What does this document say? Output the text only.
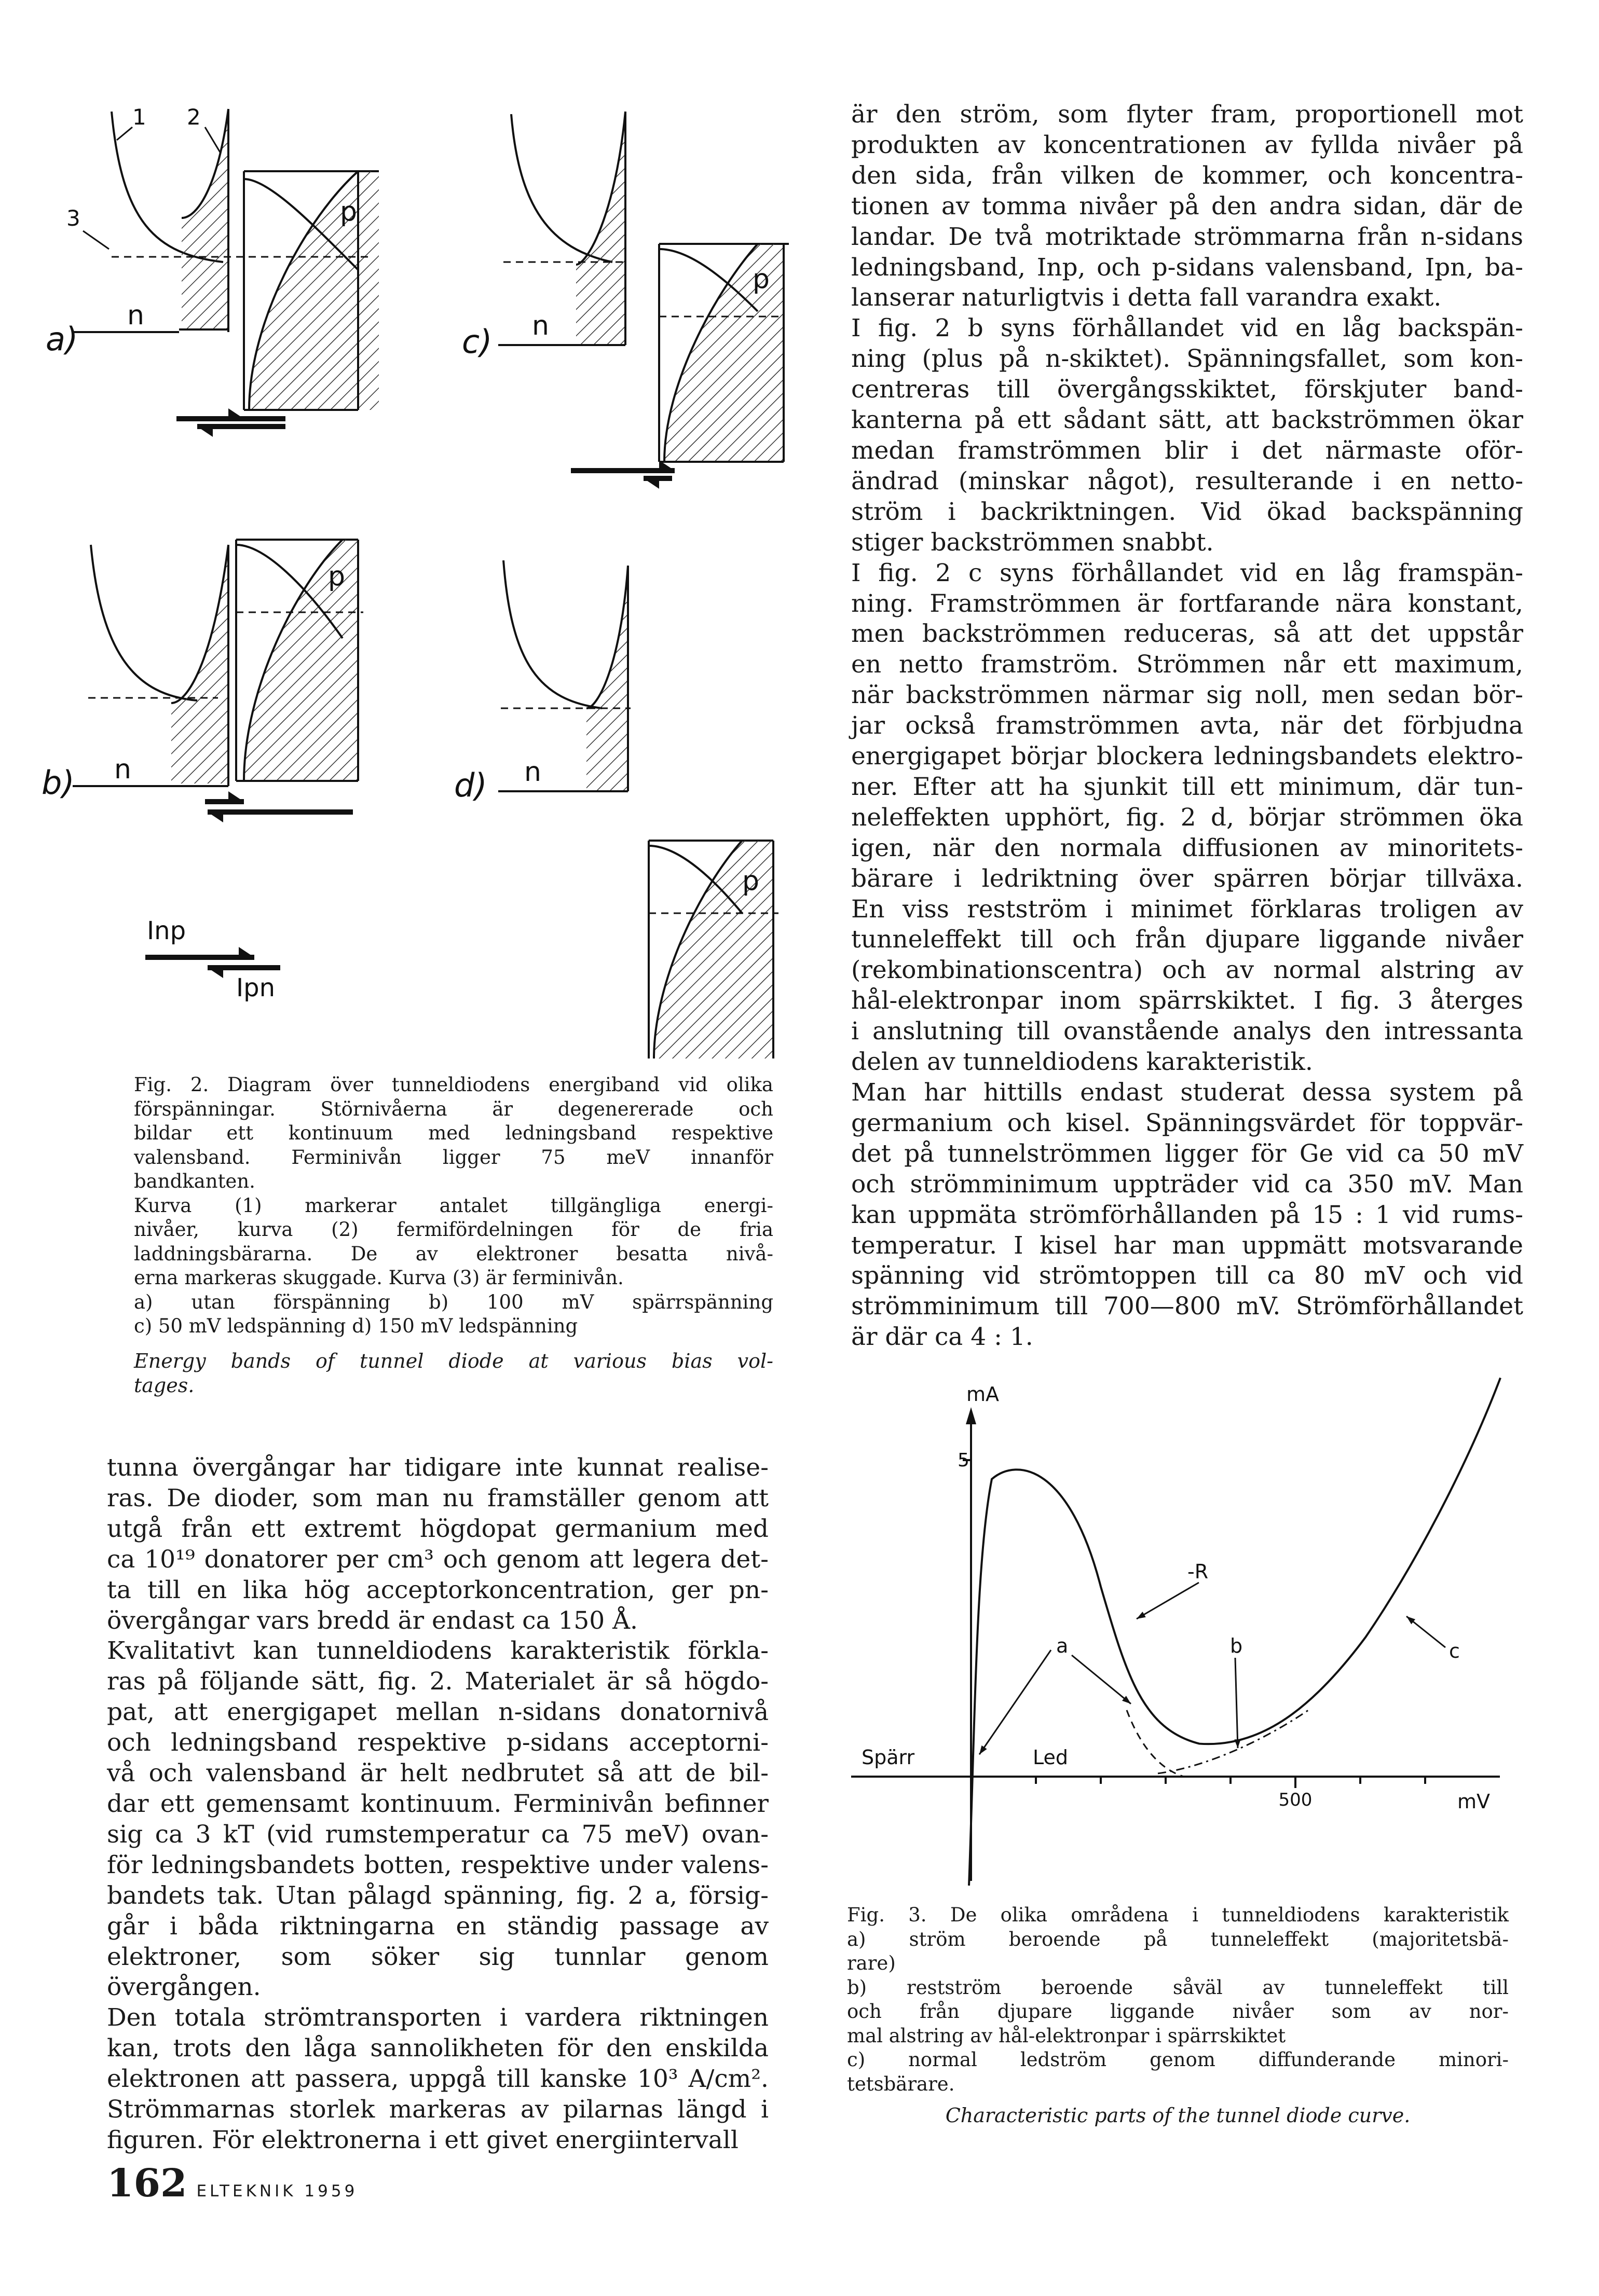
a)
n
p
1 2
3
c) n
p
b) n
p
d) n
p
Inp
Ipn
Fig. 2. Diagram över tunneldiodens energiband vid olika
förspänningar. Störnivåerna är degenererade och
bildar ett kontinuum med ledningsband respektive
valensband. Ferminivån ligger 75 meV innanför
bandkanten.
Kurva (1) markerar antalet tillgängliga energi-
nivåer, kurva (2) fermifördelningen för de fria
laddningsbärarna. De av elektroner besatta nivå-
erna markeras skuggade. Kurva (3) är ferminivån.
a) utan förspänning b) 100 mV spärrspänning
c) 50 mV ledspänning d) 150 mV ledspänning
Energy bands of tunnel diode at various bias vol-
tages.

tunna övergångar har tidigare inte kunnat realise-
ras. De dioder, som man nu framställer genom att
utgå från ett extremt högdopat germanium med
ca 10¹⁹ donatorer per cm³ och genom att legera det-
ta till en lika hög acceptorkoncentration, ger pn-
övergångar vars bredd är endast ca 150 Å.
Kvalitativt kan tunneldiodens karakteristik förkla-
ras på följande sätt, fig. 2. Materialet är så högdo-
pat, att energigapet mellan n-sidans donatornivå
och ledningsband respektive p-sidans acceptorni-
vå och valensband är helt nedbrutet så att de bil-
dar ett gemensamt kontinuum. Ferminivån befinner
sig ca 3 kT (vid rumstemperatur ca 75 meV) ovan-
för ledningsbandets botten, respektive under valens-
bandets tak. Utan pålagd spänning, fig. 2 a, försig-
går i båda riktningarna en ständig passage av
elektroner, som söker sig tunnlar genom övergången.
Den totala strömtransporten i vardera riktningen
kan, trots den låga sannolikheten för den enskilda
elektronen att passera, uppgå till kanske 10³ A/cm².
Strömmarnas storlek markeras av pilarnas längd i
figuren. För elektronerna i ett givet energiintervall

är den ström, som flyter fram, proportionell mot
produkten av koncentrationen av fyllda nivåer på
den sida, från vilken de kommer, och koncentra-
tionen av tomma nivåer på den andra sidan, där de
landar. De två motriktade strömmarna från n-sidans
ledningsband, Inp, och p-sidans valensband, Ipn, ba-
lanserar naturligtvis i detta fall varandra exakt.
I fig. 2 b syns förhållandet vid en låg backspän-
ning (plus på n-skiktet). Spänningsfallet, som kon-
centreras till övergångsskiktet, förskjuter band-
kanterna på ett sådant sätt, att backströmmen ökar
medan framströmmen blir i det närmaste oför-
ändrad (minskar något), resulterande i en netto-
ström i backriktningen. Vid ökad backspänning
stiger backströmmen snabbt.
I fig. 2 c syns förhållandet vid en låg framspän-
ning. Framströmmen är fortfarande nära konstant,
men backströmmen reduceras, så att det uppstår
en netto framström. Strömmen når ett maximum,
när backströmmen närmar sig noll, men sedan bör-
jar också framströmmen avta, när det förbjudna
energigapet börjar blockera ledningsbandets elektro-
ner. Efter att ha sjunkit till ett minimum, där tun-
neleffekten upphört, fig. 2 d, börjar strömmen öka
igen, när den normala diffusionen av minoritets-
bärare i ledriktning över spärren börjar tillväxa.
En viss restström i minimet förklaras troligen av
tunneleffekt till och från djupare liggande nivåer
(rekombinationscentra) och av normal alstring av
hål-elektronpar inom spärrskiktet. I fig. 3 återges
i anslutning till ovanstående analys den intressanta
delen av tunneldiodens karakteristik.
Man har hittills endast studerat dessa system på
germanium och kisel. Spänningsvärdet för toppvär-
det på tunnelströmmen ligger för Ge vid ca 50 mV
och strömminimum uppträder vid ca 350 mV. Man
kan uppmäta strömförhållanden på 15 : 1 vid rums-
temperatur. I kisel har man uppmätt motsvarande
spänning vid strömtoppen till ca 80 mV och vid
strömminimum till 700—800 mV. Strömförhållandet
är där ca 4 : 1.

mA
5
500	mV
Spärr	Led
a	b	c
-R
Fig. 3. De olika områdena i tunneldiodens karakteristik
a) ström beroende på tunneleffekt (majoritetsbä-
rare)
b) restström beroende såväl av tunneleffekt till
och från djupare liggande nivåer som av nor-
mal alstring av hål-elektronpar i spärrskiktet
c) normal ledström genom diffunderande minori-
tetsbärare.
Characteristic parts of the tunnel diode curve.
162 ELTEKNIK 1959
